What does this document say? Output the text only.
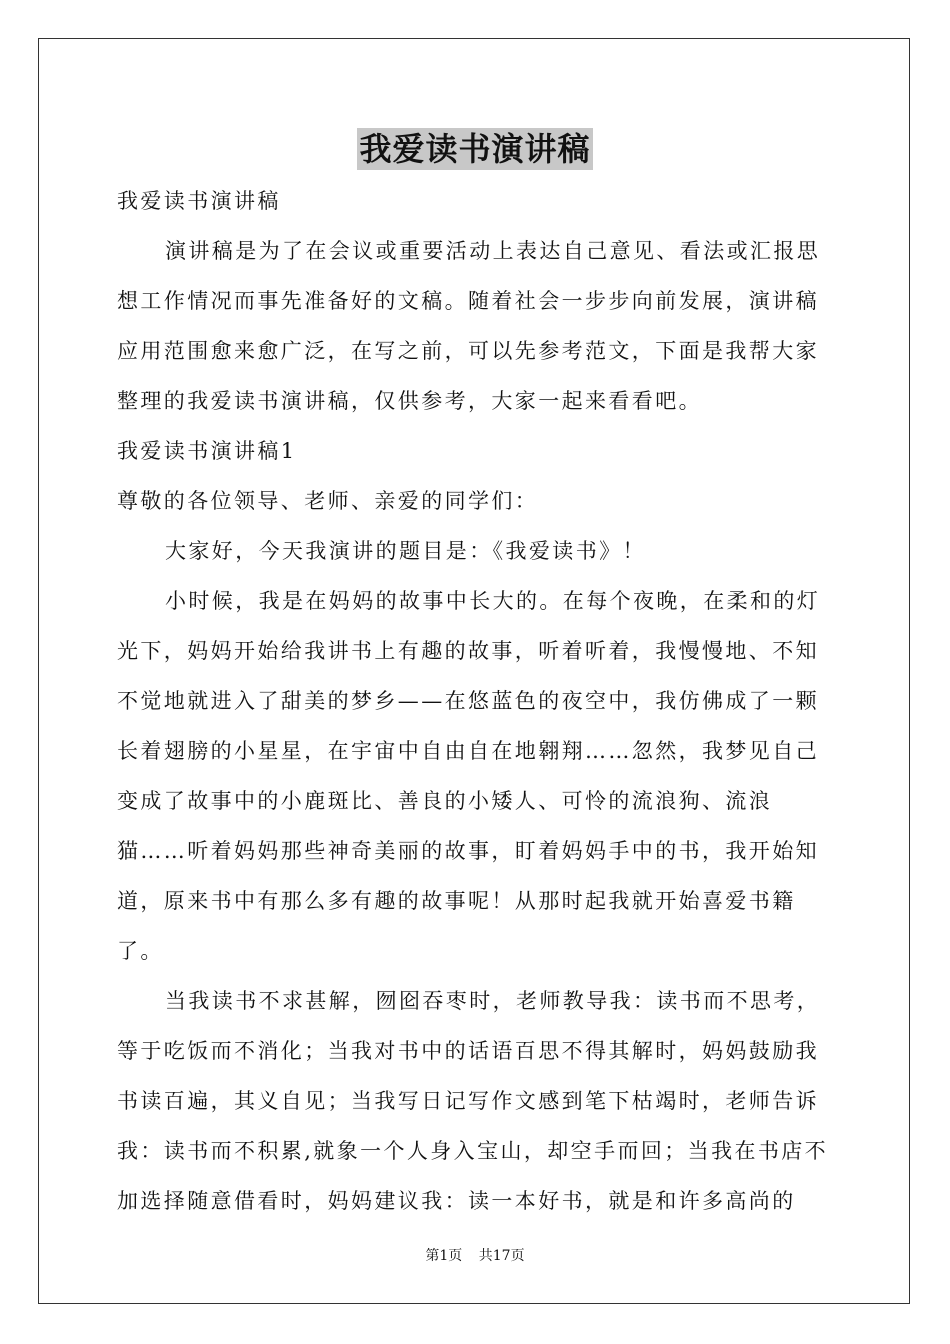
我爱读书演讲稿

我爱读书演讲稿

演讲稿是为了在会议或重要活动上表达自己意见、看法或汇报思想工作情况而事先准备好的文稿。随着社会一步步向前发展，演讲稿应用范围愈来愈广泛，在写之前，可以先参考范文，下面是我帮大家整理的我爱读书演讲稿，仅供参考，大家一起来看看吧。

我爱读书演讲稿1

尊敬的各位领导、老师、亲爱的同学们：

大家好，今天我演讲的题目是：《我爱读书》！

小时候，我是在妈妈的故事中长大的。在每个夜晚，在柔和的灯光下，妈妈开始给我讲书上有趣的故事，听着听着，我慢慢地、不知不觉地就进入了甜美的梦乡——在悠蓝色的夜空中，我仿佛成了一颗长着翅膀的小星星，在宇宙中自由自在地翱翔……忽然，我梦见自己变成了故事中的小鹿斑比、善良的小矮人、可怜的流浪狗、流浪猫……听着妈妈那些神奇美丽的故事，盯着妈妈手中的书，我开始知道，原来书中有那么多有趣的故事呢！从那时起我就开始喜爱书籍了。

当我读书不求甚解，囫囵吞枣时，老师教导我：读书而不思考，等于吃饭而不消化；当我对书中的话语百思不得其解时，妈妈鼓励我书读百遍，其义自见；当我写日记写作文感到笔下枯竭时，老师告诉我：读书而不积累,就象一个人身入宝山，却空手而回；当我在书店不加选择随意借看时，妈妈建议我：读一本好书，就是和许多高尚的

第1页 共17页
